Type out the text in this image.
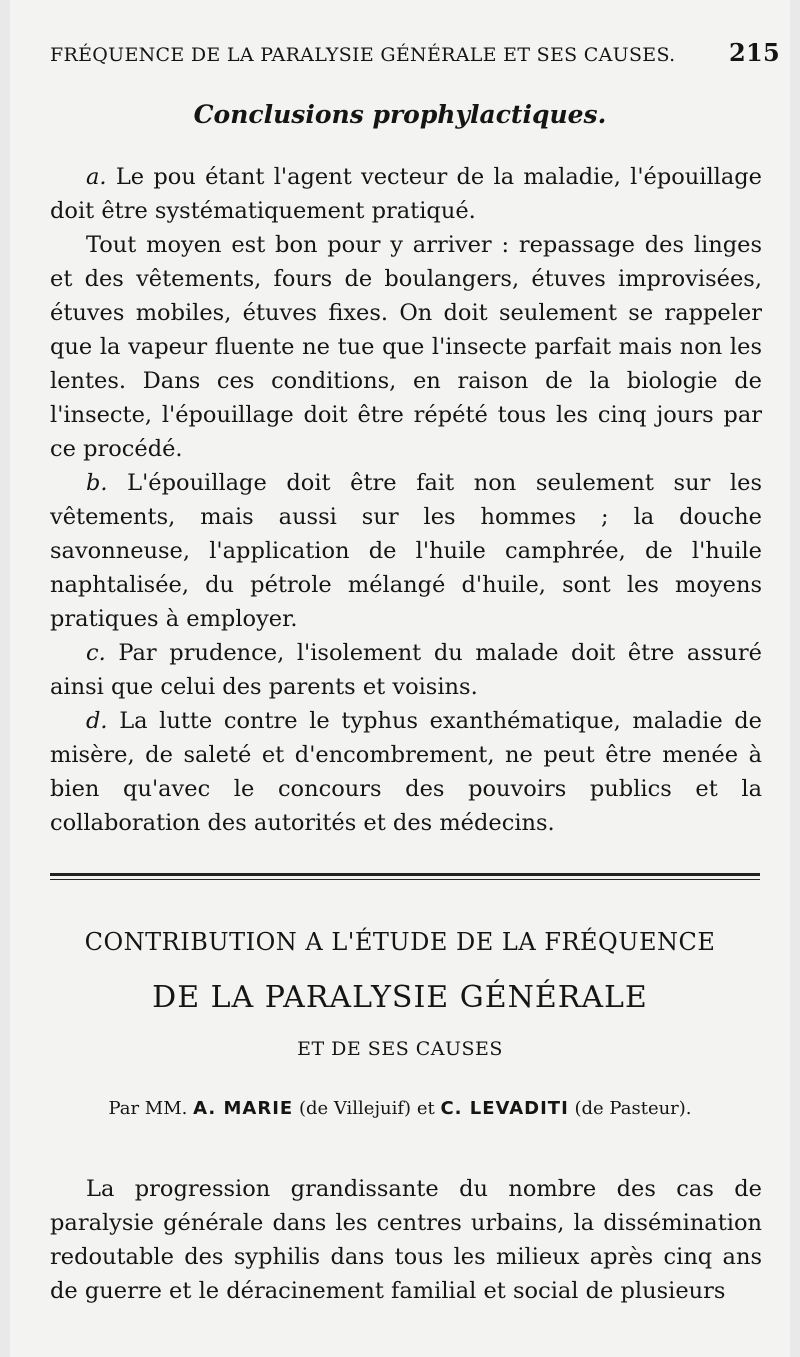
FRÉQUENCE DE LA PARALYSIE GÉNÉRALE ET SES CAUSES. 215
Conclusions prophylactiques.

a. Le pou étant l'agent vecteur de la maladie, l'épouillage doit être systématiquement pratiqué.

Tout moyen est bon pour y arriver : repassage des linges et des vêtements, fours de boulangers, étuves improvisées, étuves mobiles, étuves fixes. On doit seulement se rappeler que la vapeur fluente ne tue que l'insecte parfait mais non les lentes. Dans ces conditions, en raison de la biologie de l'insecte, l'épouillage doit être répété tous les cinq jours par ce procédé.

b. L'épouillage doit être fait non seulement sur les vêtements, mais aussi sur les hommes ; la douche savonneuse, l'application de l'huile camphrée, de l'huile naphtalisée, du pétrole mélangé d'huile, sont les moyens pratiques à employer.

c. Par prudence, l'isolement du malade doit être assuré ainsi que celui des parents et voisins.

d. La lutte contre le typhus exanthématique, maladie de misère, de saleté et d'encombrement, ne peut être menée à bien qu'avec le concours des pouvoirs publics et la collaboration des autorités et des médecins.

CONTRIBUTION A L'ÉTUDE DE LA FRÉQUENCE
DE LA PARALYSIE GÉNÉRALE
ET DE SES CAUSES
Par MM. A. MARIE (de Villejuif) et C. LEVADITI (de Pasteur).

La progression grandissante du nombre des cas de paralysie générale dans les centres urbains, la dissémination redoutable des syphilis dans tous les milieux après cinq ans de guerre et le déracinement familial et social de plusieurs
